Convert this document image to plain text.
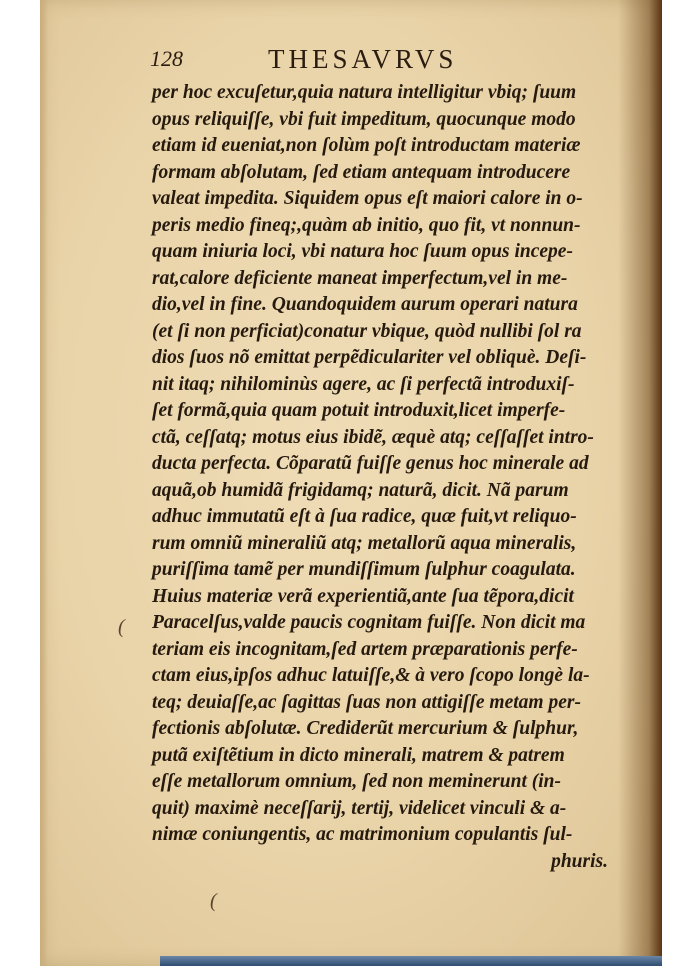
128	THESAVRVS
per hoc excuſetur,quia natura intelligitur vbiq; ſuum
opus reliquiſſe, vbi fuit impeditum, quocunque modo
etiam id eueniat,non ſolùm poſt introductam materiæ
formam abſolutam, ſed etiam antequam introducere
valeat impedita. Siquidem opus eſt maiori calore in o-
peris medio fineq;,quàm ab initio, quo fit, vt nonnun-
quam iniuria loci, vbi natura hoc ſuum opus incepe-
rat,calore deficiente maneat imperfectum,vel in me-
dio,vel in fine. Quandoquidem aurum operari natura
(et ſi non perficiat)conatur vbique, quòd nullibi ſol ra
dios ſuos nõ emittat perpẽdiculariter vel obliquè. Deſi-
nit itaq; nihilominùs agere, ac ſi perfectã introduxiſ-
ſet formã,quia quam potuit introduxit,licet imperfe-
ctã, ceſſatq; motus eius ibidẽ, æquè atq; ceſſaſſet intro-
ducta perfecta. Cõparatũ fuiſſe genus hoc minerale ad
aquã,ob humidã frigidamq; naturã, dicit. Nã parum
adhuc immutatũ eſt à ſua radice, quæ fuit,vt reliquo-
rum omniũ mineraliũ atq; metallorũ aqua mineralis,
puriſſima tamẽ per mundiſſimum ſulphur coagulata.
Huius materiæ verã experientiã,ante ſua tẽpora,dicit
Paracelſus,valde paucis cognitam fuiſſe. Non dicit ma
teriam eis incognitam,ſed artem præparationis perfe-
ctam eius,ipſos adhuc latuiſſe,& à vero ſcopo longè la-
teq; deuiaſſe,ac ſagittas ſuas non attigiſſe metam per-
fectionis abſolutæ. Crediderũt mercurium & ſulphur,
putã exiſtẽtium in dicto minerali, matrem & patrem
eſſe metallorum omnium, ſed non meminerunt (in-
quit) maximè neceſſarij, tertij, videlicet vinculi & a-
nimæ coniungentis, ac matrimonium copulantis ſul-
phuris.
(
(
